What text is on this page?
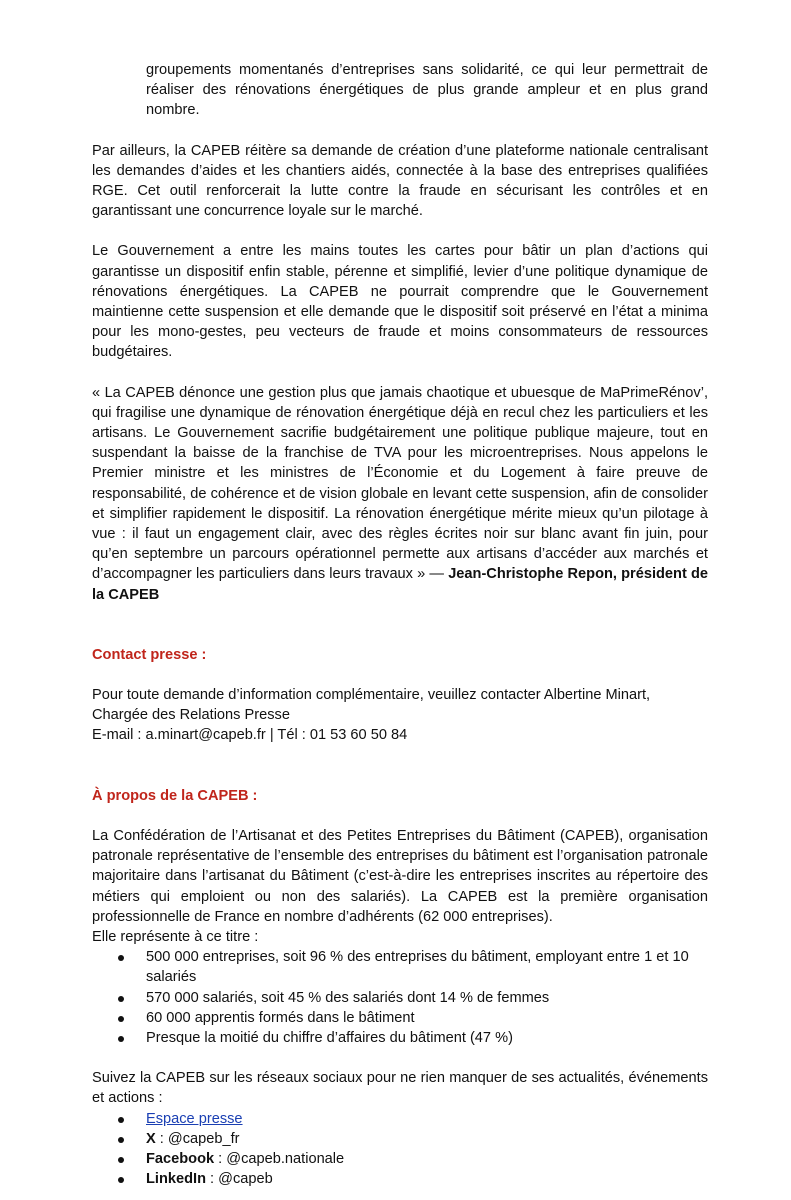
groupements momentanés d’entreprises sans solidarité, ce qui leur permettrait de réaliser des rénovations énergétiques de plus grande ampleur et en plus grand nombre.

Par ailleurs, la CAPEB réitère sa demande de création d’une plateforme nationale centralisant les demandes d’aides et les chantiers aidés, connectée à la base des entreprises qualifiées RGE. Cet outil renforcerait la lutte contre la fraude en sécurisant les contrôles et en garantissant une concurrence loyale sur le marché.

Le Gouvernement a entre les mains toutes les cartes pour bâtir un plan d’actions qui garantisse un dispositif enfin stable, pérenne et simplifié, levier d’une politique dynamique de rénovations énergétiques. La CAPEB ne pourrait comprendre que le Gouvernement maintienne cette suspension et elle demande que le dispositif soit préservé en l’état a minima pour les mono-gestes, peu vecteurs de fraude et moins consommateurs de ressources budgétaires.

« La CAPEB dénonce une gestion plus que jamais chaotique et ubuesque de MaPrimeRénov’, qui fragilise une dynamique de rénovation énergétique déjà en recul chez les particuliers et les artisans. Le Gouvernement sacrifie budgétairement une politique publique majeure, tout en suspendant la baisse de la franchise de TVA pour les microentreprises. Nous appelons le Premier ministre et les ministres de l’Économie et du Logement à faire preuve de responsabilité, de cohérence et de vision globale en levant cette suspension, afin de consolider et simplifier rapidement le dispositif. La rénovation énergétique mérite mieux qu’un pilotage à vue : il faut un engagement clair, avec des règles écrites noir sur blanc avant fin juin, pour qu’en septembre un parcours opérationnel permette aux artisans d’accéder aux marchés et d’accompagner les particuliers dans leurs travaux » — Jean-Christophe Repon, président de la CAPEB

Contact presse :

Pour toute demande d’information complémentaire, veuillez contacter Albertine Minart,

Chargée des Relations Presse

E-mail : a.minart@capeb.fr | Tél : 01 53 60 50 84

À propos de la CAPEB :

La Confédération de l’Artisanat et des Petites Entreprises du Bâtiment (CAPEB), organisation patronale représentative de l’ensemble des entreprises du bâtiment est l’organisation patronale majoritaire dans l’artisanat du Bâtiment (c’est-à-dire les entreprises inscrites au répertoire des métiers qui emploient ou non des salariés). La CAPEB est la première organisation professionnelle de France en nombre d’adhérents (62 000 entreprises).

Elle représente à ce titre :

500 000 entreprises, soit 96 % des entreprises du bâtiment, employant entre 1 et 10 salariés
570 000 salariés, soit 45 % des salariés dont 14 % de femmes
60 000 apprentis formés dans le bâtiment
Presque la moitié du chiffre d’affaires du bâtiment (47 %)

Suivez la CAPEB sur les réseaux sociaux pour ne rien manquer de ses actualités, événements et actions :

Espace presse
X : @capeb_fr
Facebook : @capeb.nationale
LinkedIn : @capeb
